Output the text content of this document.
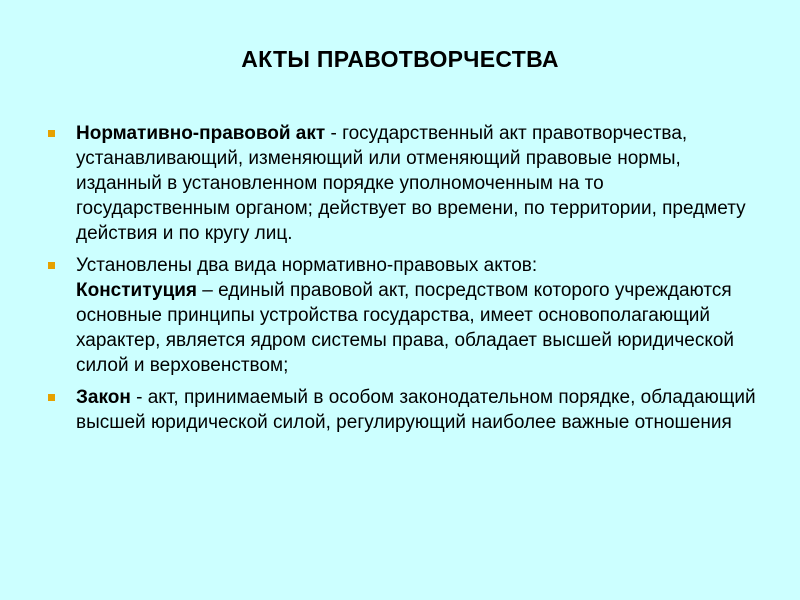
АКТЫ ПРАВОТВОРЧЕСТВА
Нормативно-правовой акт - государственный акт правотворчества, устанавливающий, изменяющий или отменяющий правовые нормы, изданный в установленном порядке уполномоченным на то государственным органом; действует во времени, по территории, предмету действия и по кругу лиц.
Установлены два вида нормативно-правовых актов:
Конституция – единый правовой акт, посредством которого учреждаются основные принципы устройства государства, имеет основополагающий характер, является ядром системы права, обладает высшей юридической силой и верховенством;
Закон - акт, принимаемый в особом законодательном порядке, обладающий высшей юридической силой, регулирующий наиболее важные отношения
